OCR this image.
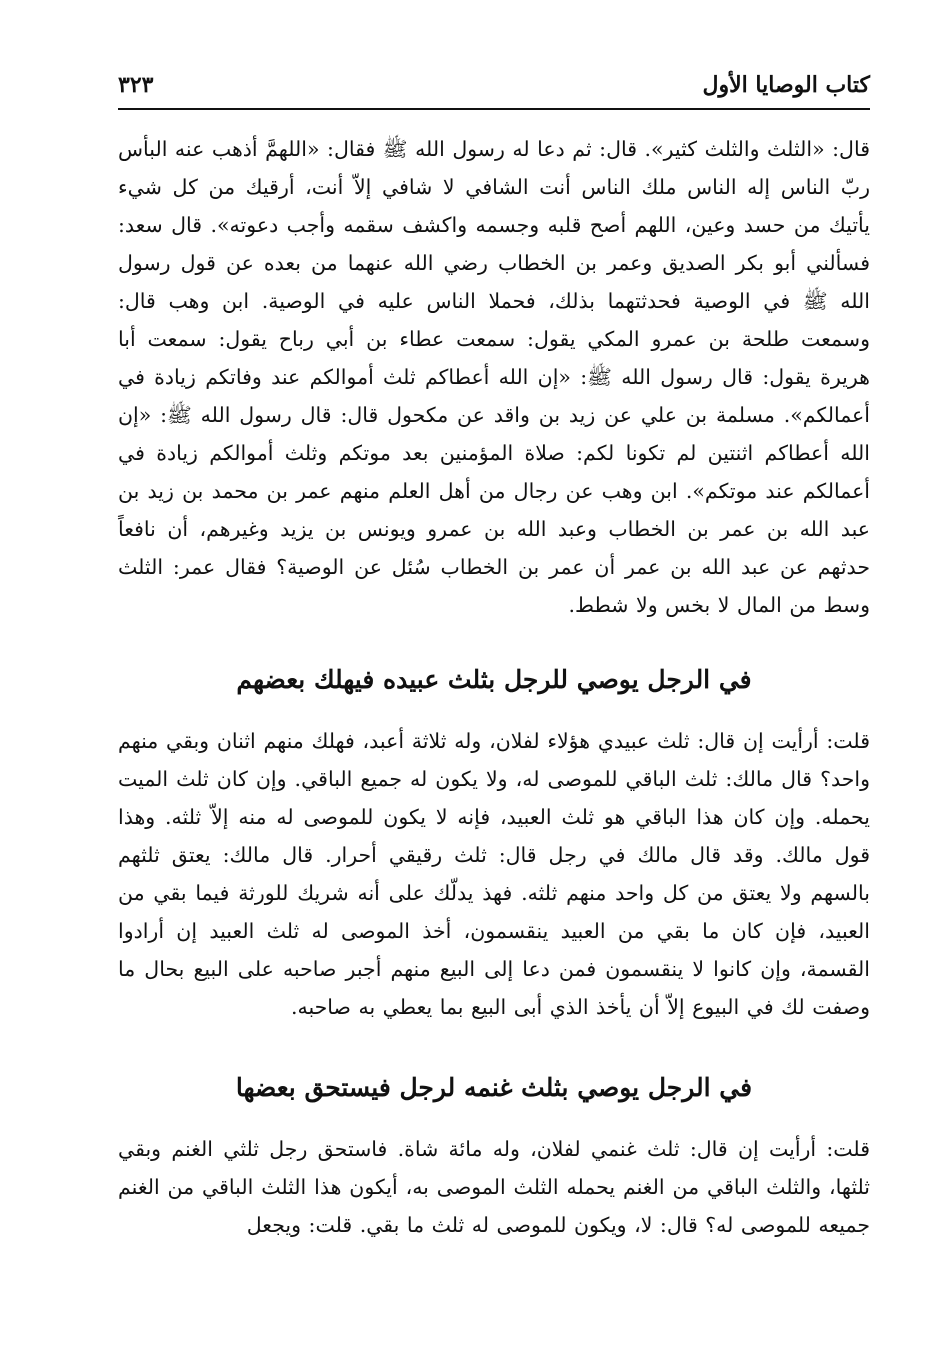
كتاب الوصايا الأول
٣٢٣

قال: «الثلث والثلث كثير». قال: ثم دعا له رسول الله ﷺ فقال: «اللهمَّ أذهب عنه البأس ربّ الناس إله الناس ملك الناس أنت الشافي لا شافي إلاّ أنت، أرقيك من كل شيء يأتيك من حسد وعين، اللهم أصح قلبه وجسمه واكشف سقمه وأجب دعوته». قال سعد: فسألني أبو بكر الصديق وعمر بن الخطاب رضي الله عنهما من بعده عن قول رسول الله ﷺ في الوصية فحدثتهما بذلك، فحملا الناس عليه في الوصية. ابن وهب قال: وسمعت طلحة بن عمرو المكي يقول: سمعت عطاء بن أبي رباح يقول: سمعت أبا هريرة يقول: قال رسول الله ﷺ: «إن الله أعطاكم ثلث أموالكم عند وفاتكم زيادة في أعمالكم». مسلمة بن علي عن زيد بن واقد عن مكحول قال: قال رسول الله ﷺ: «إن الله أعطاكم اثنتين لم تكونا لكم: صلاة المؤمنين بعد موتكم وثلث أموالكم زيادة في أعمالكم عند موتكم». ابن وهب عن رجال من أهل العلم منهم عمر بن محمد بن زيد بن عبد الله بن عمر بن الخطاب وعبد الله بن عمرو ويونس بن يزيد وغيرهم، أن نافعاً حدثهم عن عبد الله بن عمر أن عمر بن الخطاب سُئل عن الوصية؟ فقال عمر: الثلث وسط من المال لا بخس ولا شطط.

في الرجل يوصي للرجل بثلث عبيده فيهلك بعضهم

قلت: أرأيت إن قال: ثلث عبيدي هؤلاء لفلان، وله ثلاثة أعبد، فهلك منهم اثنان وبقي منهم واحد؟ قال مالك: ثلث الباقي للموصى له، ولا يكون له جميع الباقي. وإن كان ثلث الميت يحمله. وإن كان هذا الباقي هو ثلث العبيد، فإنه لا يكون للموصى له منه إلاّ ثلثه. وهذا قول مالك. وقد قال مالك في رجل قال: ثلث رقيقي أحرار. قال مالك: يعتق ثلثهم بالسهم ولا يعتق من كل واحد منهم ثلثه. فهذ يدلّك على أنه شريك للورثة فيما بقي من العبيد، فإن كان ما بقي من العبيد ينقسمون، أخذ الموصى له ثلث العبيد إن أرادوا القسمة، وإن كانوا لا ينقسمون فمن دعا إلى البيع منهم أجبر صاحبه على البيع بحال ما وصفت لك في البيوع إلاّ أن يأخذ الذي أبى البيع بما يعطي به صاحبه.

في الرجل يوصي بثلث غنمه لرجل فيستحق بعضها

قلت: أرأيت إن قال: ثلث غنمي لفلان، وله مائة شاة. فاستحق رجل ثلثي الغنم وبقي ثلثها، والثلث الباقي من الغنم يحمله الثلث الموصى به، أيكون هذا الثلث الباقي من الغنم جميعه للموصى له؟ قال: لا، ويكون للموصى له ثلث ما بقي. قلت: ويجعل
